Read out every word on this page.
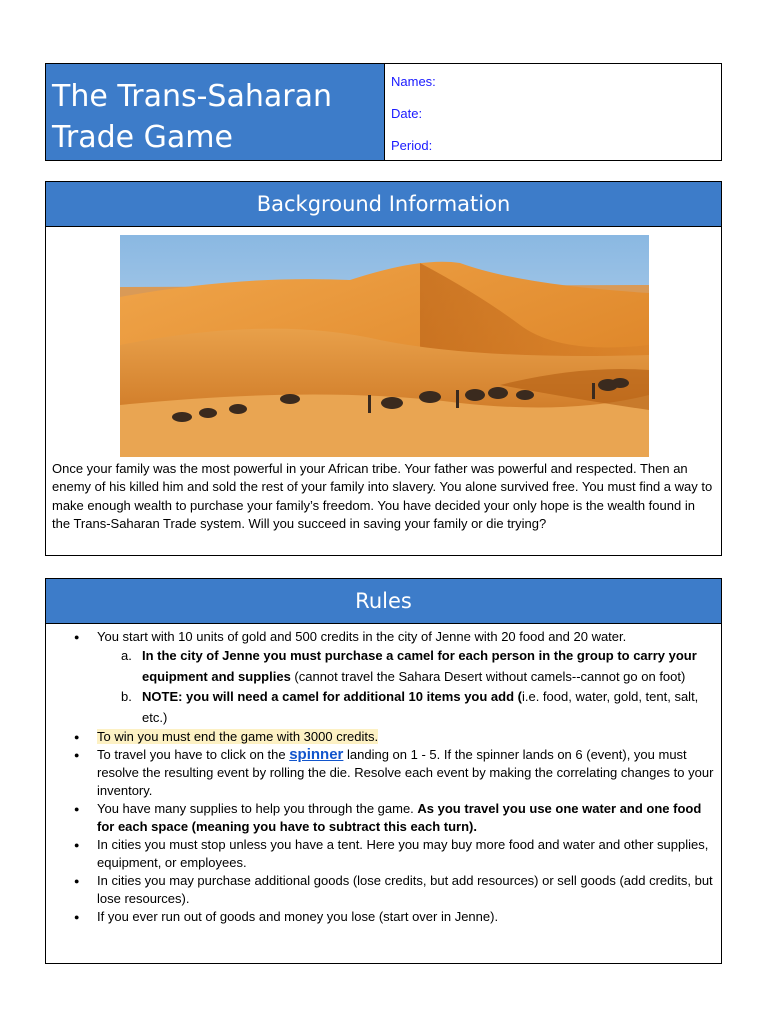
The Trans-Saharan
Trade Game
Names:
Date:
Period:
Background Information
Once your family was the most powerful in your African tribe. Your father was powerful and respected. Then an enemy of his killed him and sold the rest of your family into slavery. You alone survived free. You must find a way to make enough wealth to purchase your family’s freedom. You have decided your only hope is the wealth found in the Trans-Saharan Trade system. Will you succeed in saving your family or die trying?
Rules

● You start with 10 units of gold and 500 credits in the city of Jenne with 20 food and 20 water.

a. In the city of Jenne you must purchase a camel for each person in the group to carry your equipment and supplies (cannot travel the Sahara Desert without camels--cannot go on foot)

b. NOTE: you will need a camel for additional 10 items you add (i.e. food, water, gold, tent, salt, etc.)

● To win you must end the game with 3000 credits.

● To travel you have to click on the spinner landing on 1 - 5. If the spinner lands on 6 (event), you must resolve the resulting event by rolling the die. Resolve each event by making the correlating changes to your inventory.

● You have many supplies to help you through the game. As you travel you use one water and one food for each space (meaning you have to subtract this each turn).

● In cities you must stop unless you have a tent. Here you may buy more food and water and other supplies, equipment, or employees.

● In cities you may purchase additional goods (lose credits, but add resources) or sell goods (add credits, but lose resources).

● If you ever run out of goods and money you lose (start over in Jenne).
